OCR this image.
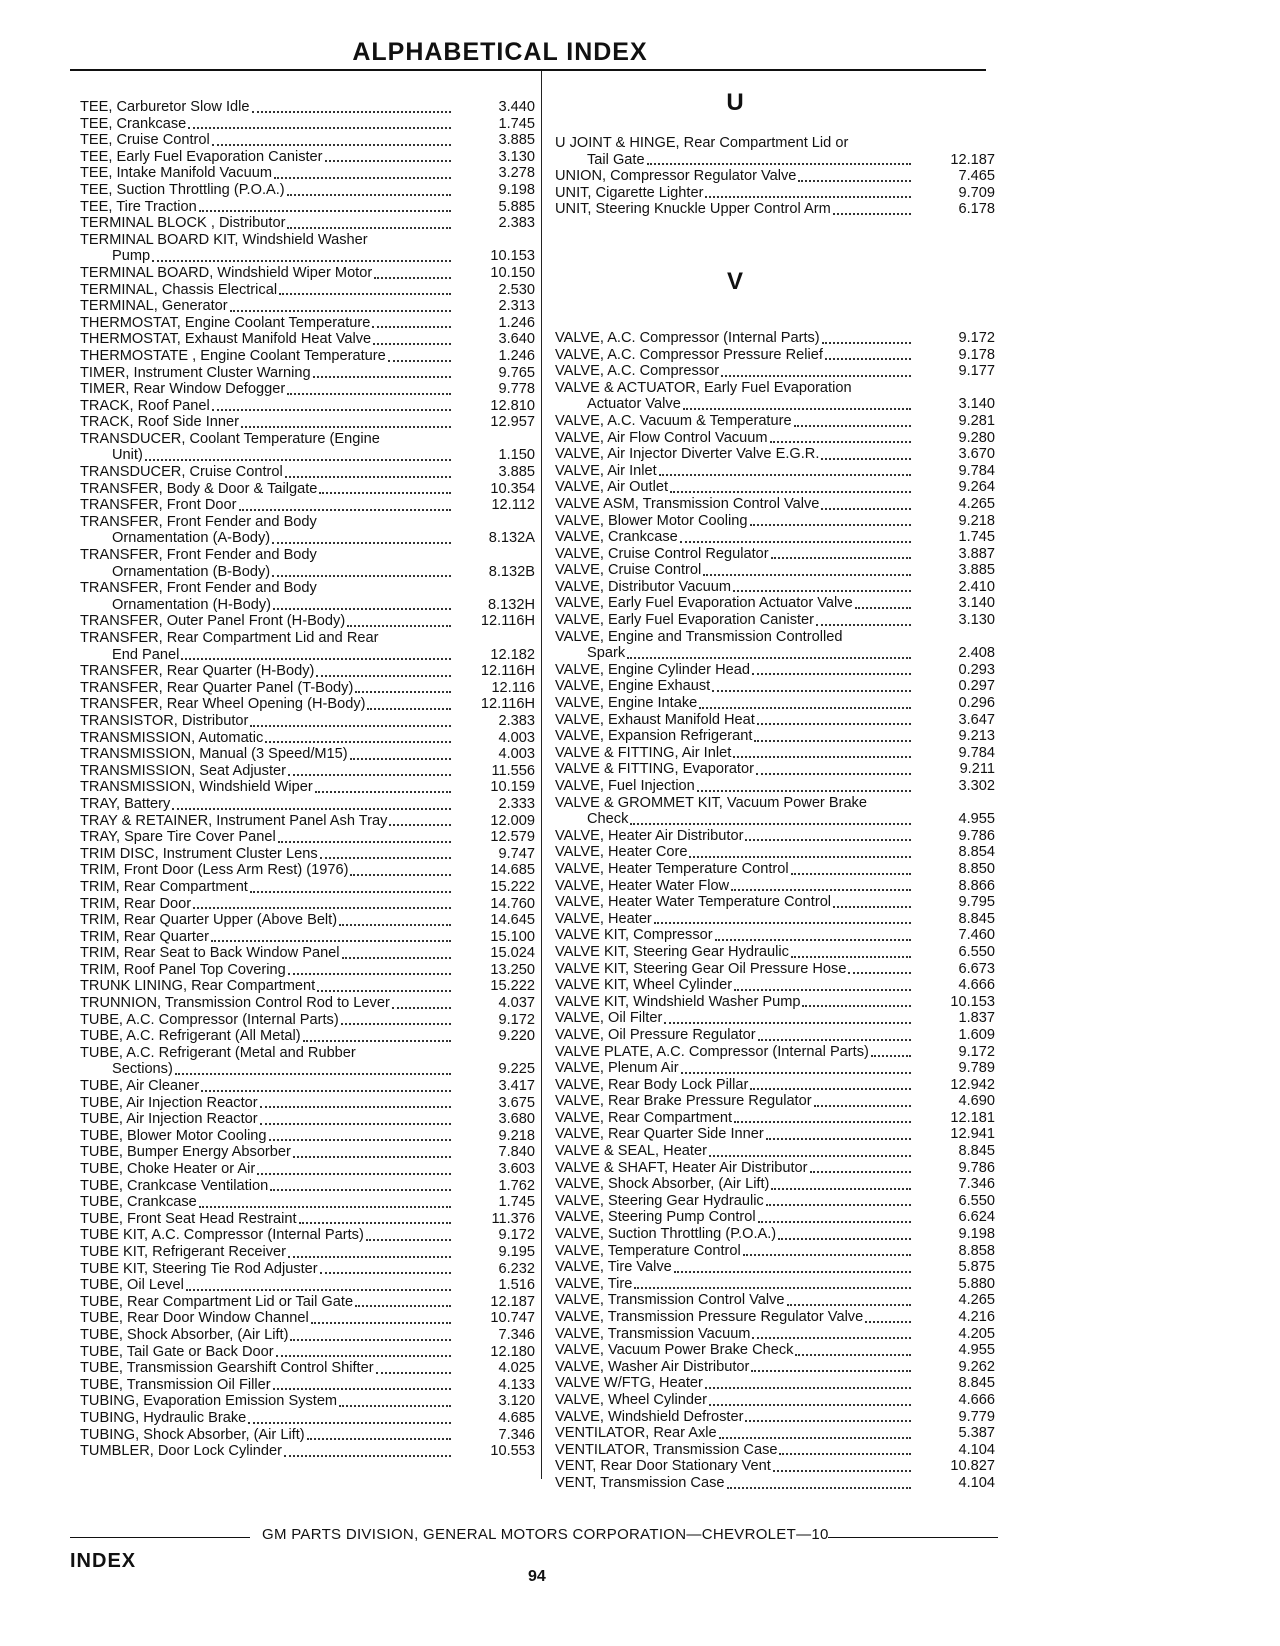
ALPHABETICAL INDEX
TEE, Carburetor Slow Idle	3.440
TEE, Crankcase	1.745
TEE, Cruise Control	3.885
TEE, Early Fuel Evaporation Canister	3.130
TEE, Intake Manifold Vacuum	3.278
TEE, Suction Throttling (P.O.A.)	9.198
TEE, Tire Traction	5.885
TERMINAL BLOCK , Distributor	2.383
TERMINAL BOARD KIT, Windshield Washer
Pump	10.153
TERMINAL BOARD, Windshield Wiper Motor	10.150
TERMINAL, Chassis Electrical	2.530
TERMINAL, Generator	2.313
THERMOSTAT, Engine Coolant Temperature	1.246
THERMOSTAT, Exhaust Manifold Heat Valve	3.640
THERMOSTATE , Engine Coolant Temperature	1.246
TIMER, Instrument Cluster Warning	9.765
TIMER, Rear Window Defogger	9.778
TRACK, Roof Panel	12.810
TRACK, Roof Side Inner	12.957
TRANSDUCER, Coolant Temperature (Engine
Unit)	1.150
TRANSDUCER, Cruise Control	3.885
TRANSFER, Body & Door & Tailgate	10.354
TRANSFER, Front Door	12.112
TRANSFER, Front Fender and Body
Ornamentation (A-Body)	8.132A
TRANSFER, Front Fender and Body
Ornamentation (B-Body)	8.132B
TRANSFER, Front Fender and Body
Ornamentation (H-Body)	8.132H
TRANSFER, Outer Panel Front (H-Body)	12.116H
TRANSFER, Rear Compartment Lid and Rear
End Panel	12.182
TRANSFER, Rear Quarter (H-Body)	12.116H
TRANSFER, Rear Quarter Panel (T-Body)	12.116
TRANSFER, Rear Wheel Opening (H-Body)	12.116H
TRANSISTOR, Distributor	2.383
TRANSMISSION, Automatic	4.003
TRANSMISSION, Manual (3 Speed/M15)	4.003
TRANSMISSION, Seat Adjuster	11.556
TRANSMISSION, Windshield Wiper	10.159
TRAY, Battery	2.333
TRAY & RETAINER, Instrument Panel Ash Tray	12.009
TRAY, Spare Tire Cover Panel	12.579
TRIM DISC, Instrument Cluster Lens	9.747
TRIM, Front Door (Less Arm Rest) (1976)	14.685
TRIM, Rear Compartment	15.222
TRIM, Rear Door	14.760
TRIM, Rear Quarter Upper (Above Belt)	14.645
TRIM, Rear Quarter	15.100
TRIM, Rear Seat to Back Window Panel	15.024
TRIM, Roof Panel Top Covering	13.250
TRUNK LINING, Rear Compartment	15.222
TRUNNION, Transmission Control Rod to Lever	4.037
TUBE, A.C. Compressor (Internal Parts)	9.172
TUBE, A.C. Refrigerant (All Metal)	9.220
TUBE, A.C. Refrigerant (Metal and Rubber
Sections)	9.225
TUBE, Air Cleaner	3.417
TUBE, Air Injection Reactor	3.675
TUBE, Air Injection Reactor	3.680
TUBE, Blower Motor Cooling	9.218
TUBE, Bumper Energy Absorber	7.840
TUBE, Choke Heater or Air	3.603
TUBE, Crankcase Ventilation	1.762
TUBE, Crankcase	1.745
TUBE, Front Seat Head Restraint	11.376
TUBE KIT, A.C. Compressor (Internal Parts)	9.172
TUBE KIT, Refrigerant Receiver	9.195
TUBE KIT, Steering Tie Rod Adjuster	6.232
TUBE, Oil Level	1.516
TUBE, Rear Compartment Lid or Tail Gate	12.187
TUBE, Rear Door Window Channel	10.747
TUBE, Shock Absorber, (Air Lift)	7.346
TUBE, Tail Gate or Back Door	12.180
TUBE, Transmission Gearshift Control Shifter	4.025
TUBE, Transmission Oil Filler	4.133
TUBING, Evaporation Emission System	3.120
TUBING, Hydraulic Brake	4.685
TUBING, Shock Absorber, (Air Lift)	7.346
TUMBLER, Door Lock Cylinder	10.553
U
U JOINT & HINGE, Rear Compartment Lid or
Tail Gate	12.187
UNION, Compressor Regulator Valve	7.465
UNIT, Cigarette Lighter	9.709
UNIT, Steering Knuckle Upper Control Arm	6.178
V
VALVE, A.C. Compressor (Internal Parts)	9.172
VALVE, A.C. Compressor Pressure Relief	9.178
VALVE, A.C. Compressor	9.177
VALVE & ACTUATOR, Early Fuel Evaporation
Actuator Valve	3.140
VALVE, A.C. Vacuum & Temperature	9.281
VALVE, Air Flow Control Vacuum	9.280
VALVE, Air Injector Diverter Valve E.G.R.	3.670
VALVE, Air Inlet	9.784
VALVE, Air Outlet	9.264
VALVE ASM, Transmission Control Valve	4.265
VALVE, Blower Motor Cooling	9.218
VALVE, Crankcase	1.745
VALVE, Cruise Control Regulator	3.887
VALVE, Cruise Control	3.885
VALVE, Distributor Vacuum	2.410
VALVE, Early Fuel Evaporation Actuator Valve	3.140
VALVE, Early Fuel Evaporation Canister	3.130
VALVE, Engine and Transmission Controlled
Spark	2.408
VALVE, Engine Cylinder Head	0.293
VALVE, Engine Exhaust	0.297
VALVE, Engine Intake	0.296
VALVE, Exhaust Manifold Heat	3.647
VALVE, Expansion Refrigerant	9.213
VALVE & FITTING, Air Inlet	9.784
VALVE & FITTING, Evaporator	9.211
VALVE, Fuel Injection	3.302
VALVE & GROMMET KIT, Vacuum Power Brake
Check	4.955
VALVE, Heater Air Distributor	9.786
VALVE, Heater Core	8.854
VALVE, Heater Temperature Control	8.850
VALVE, Heater Water Flow	8.866
VALVE, Heater Water Temperature Control	9.795
VALVE, Heater	8.845
VALVE KIT, Compressor	7.460
VALVE KIT, Steering Gear Hydraulic	6.550
VALVE KIT, Steering Gear Oil Pressure Hose	6.673
VALVE KIT, Wheel Cylinder	4.666
VALVE KIT, Windshield Washer Pump	10.153
VALVE, Oil Filter	1.837
VALVE, Oil Pressure Regulator	1.609
VALVE PLATE, A.C. Compressor (Internal Parts)	9.172
VALVE, Plenum Air	9.789
VALVE, Rear Body Lock Pillar	12.942
VALVE, Rear Brake Pressure Regulator	4.690
VALVE, Rear Compartment	12.181
VALVE, Rear Quarter Side Inner	12.941
VALVE & SEAL, Heater	8.845
VALVE & SHAFT, Heater Air Distributor	9.786
VALVE, Shock Absorber, (Air Lift)	7.346
VALVE, Steering Gear Hydraulic	6.550
VALVE, Steering Pump Control	6.624
VALVE, Suction Throttling (P.O.A.)	9.198
VALVE, Temperature Control	8.858
VALVE, Tire Valve	5.875
VALVE, Tire	5.880
VALVE, Transmission Control Valve	4.265
VALVE, Transmission Pressure Regulator Valve	4.216
VALVE, Transmission Vacuum	4.205
VALVE, Vacuum Power Brake Check	4.955
VALVE, Washer Air Distributor	9.262
VALVE W/FTG, Heater	8.845
VALVE, Wheel Cylinder	4.666
VALVE, Windshield Defroster	9.779
VENTILATOR, Rear Axle	5.387
VENTILATOR, Transmission Case	4.104
VENT, Rear Door Stationary Vent	10.827
VENT, Transmission Case	4.104
GM PARTS DIVISION, GENERAL MOTORS CORPORATION—CHEVROLET—10
INDEX
94
